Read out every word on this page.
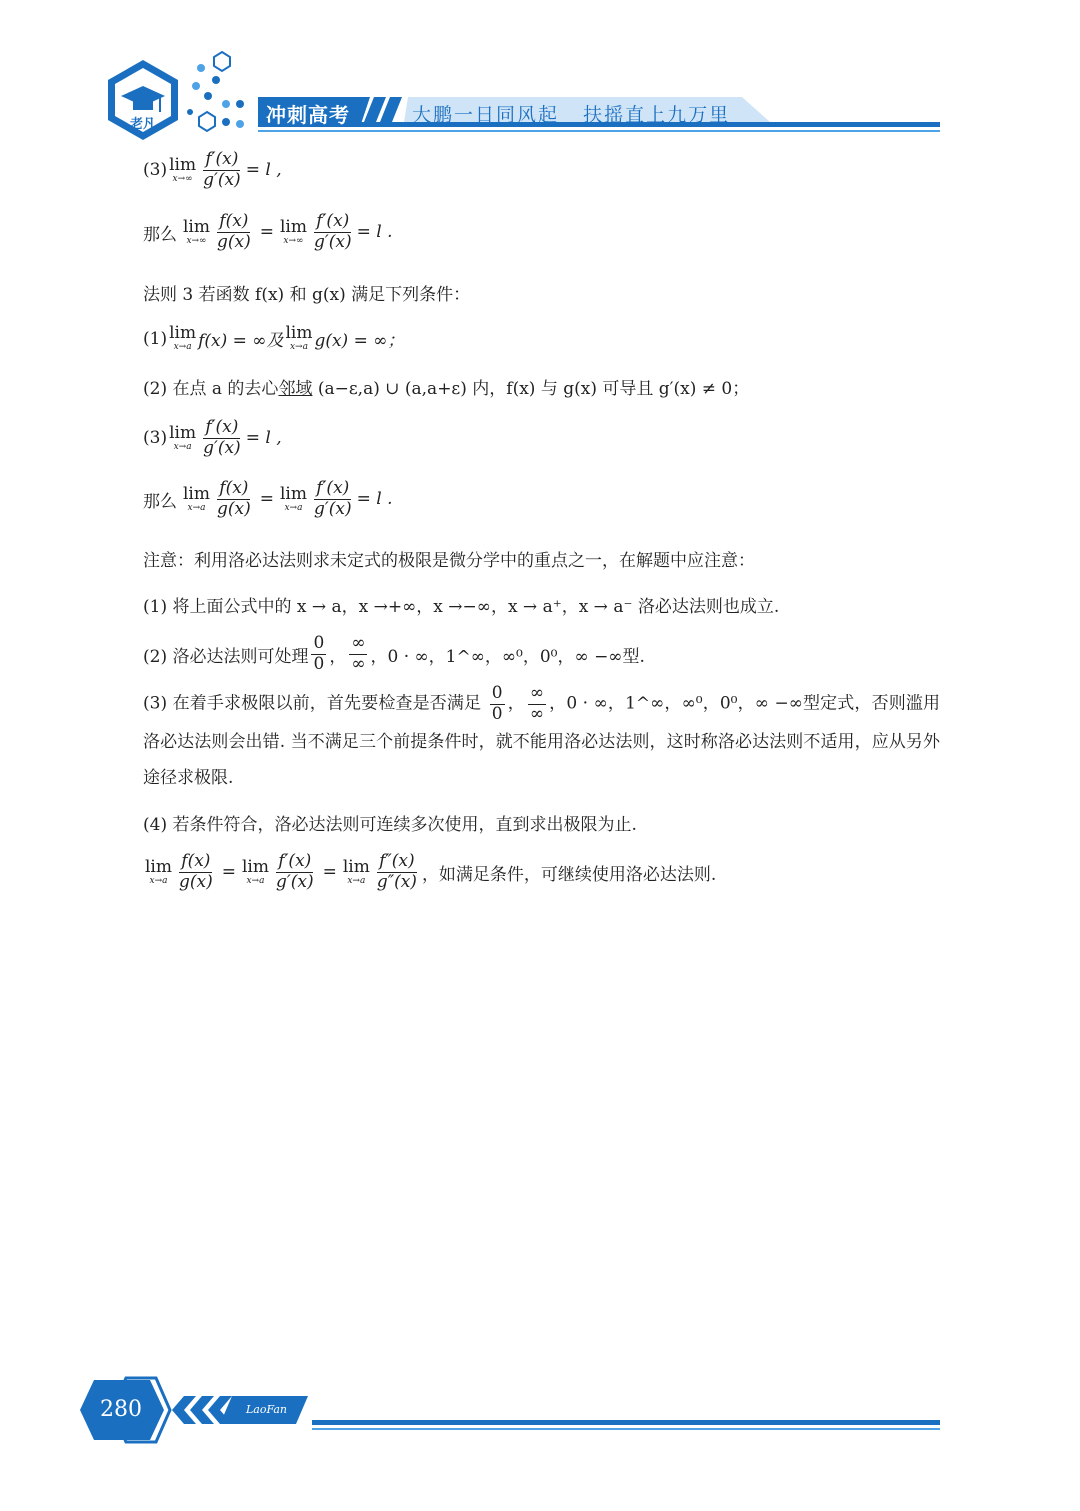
老凡	冲刺高考	大鹏一日同风起   扶摇直上九万里
(3) lim
$x\to\infty \frac{f'(x)}{g'(x)} = l$ ,
那么 lim
$x\to\infty \frac{f(x)}{g(x)} = \lim$
$x\to\infty \frac{f'(x)}{g'(x)} = l$ .
法则 3 若函数 f(x) 和 g(x) 满足下列条件：
(1) lim
x→a f(x) = ∞及 lim
x→a g(x) = ∞；
(2) 在点 a 的去心 邻域 (a−ε,a) ∪ (a,a+ε) 内，f(x) 与 g(x) 可导且 g′(x) ≠ 0；
(3) lim
$x\to a \frac{f'(x)}{g'(x)} = l$ ,
那么 lim
$x\to a \frac{f(x)}{g(x)} = \lim$
$x\to a \frac{f'(x)}{g'(x)} = l$ .
注意：利用洛必达法则求未定式的极限是微分学中的重点之一，在解题中应注意：
(1) 将上面公式中的 x → a，x →+∞，x →−∞，x → a⁺，x → a⁻ 洛必达法则也成立.
(2) 洛必达法则可处理 $\frac{0}{0}$ ， $\frac{\infty}{\infty}$ ，0 · ∞，1^∞，∞⁰，0⁰，∞ −∞型.
(3) 在着手求极限以前，首先要检查是否满足 $\frac{0}{0}$ ， $\frac{\infty}{\infty}$ ，0 · ∞，1^∞，∞⁰，0⁰，∞ −∞型定式，否则滥用洛必达法则会出错. 当不满足三个前提条件时，就不能用洛必达法则，这时称洛必达法则不适用，应从另外途径求极限.
(4) 若条件符合，洛必达法则可连续多次使用，直到求出极限为止.
lim
$x\to a \frac{f(x)}{g(x)} = \lim$
$x\to a \frac{f'(x)}{g'(x)} = \lim$
$x\to a \frac{f''(x)}{g''(x)}$ ，如满足条件，可继续使用洛必达法则.
280	LaoFan
